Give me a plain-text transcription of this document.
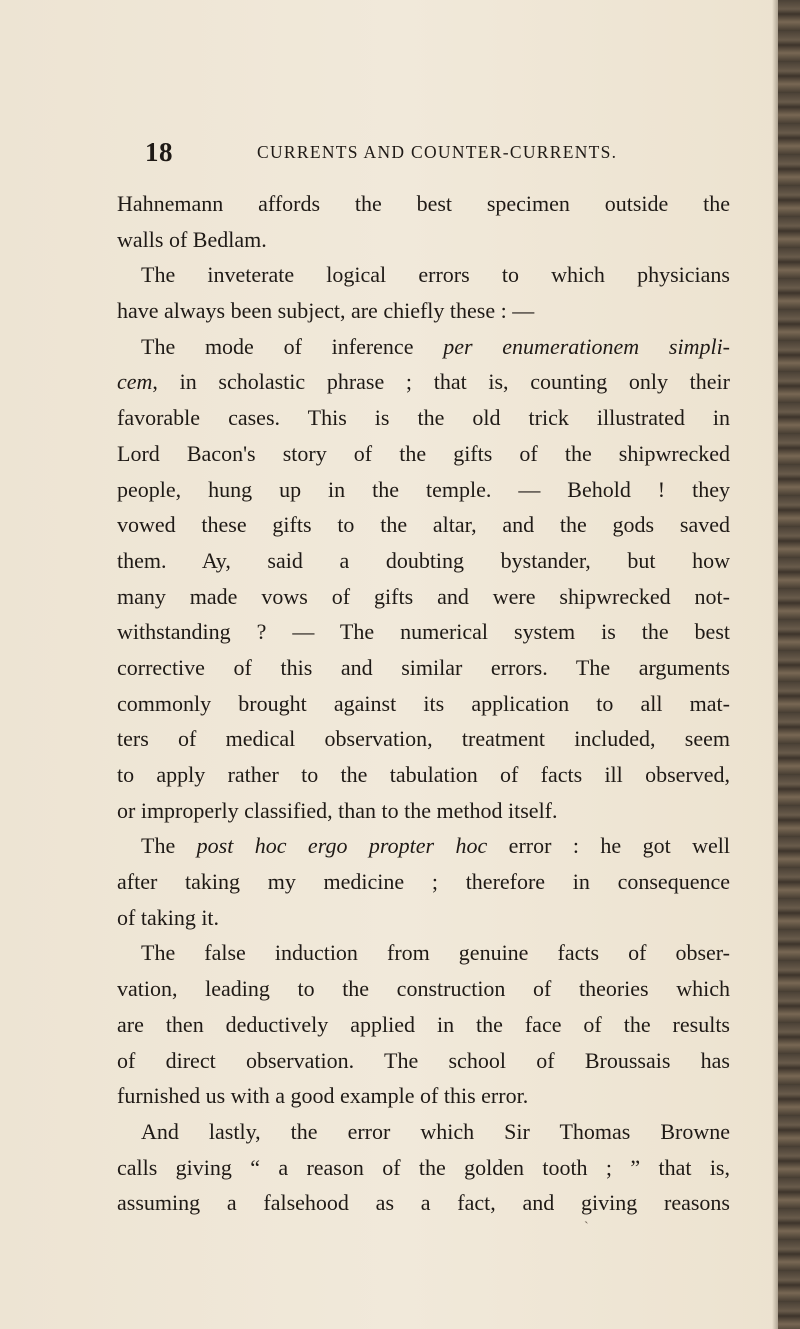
18	CURRENTS AND COUNTER-CURRENTS.
Hahnemann affords the best specimen outside the
walls of Bedlam.
The inveterate logical errors to which physicians
have always been subject, are chiefly these : —
The mode of inference per enumerationem simpli-
cem, in scholastic phrase ; that is, counting only their
favorable cases. This is the old trick illustrated in
Lord Bacon's story of the gifts of the shipwrecked
people, hung up in the temple. — Behold ! they
vowed these gifts to the altar, and the gods saved
them. Ay, said a doubting bystander, but how
many made vows of gifts and were shipwrecked not-
withstanding ? — The numerical system is the best
corrective of this and similar errors. The arguments
commonly brought against its application to all mat-
ters of medical observation, treatment included, seem
to apply rather to the tabulation of facts ill observed,
or improperly classified, than to the method itself.
The post hoc ergo propter hoc error : he got well
after taking my medicine ; therefore in consequence
of taking it.
The false induction from genuine facts of obser-
vation, leading to the construction of theories which
are then deductively applied in the face of the results
of direct observation. The school of Broussais has
furnished us with a good example of this error.
And lastly, the error which Sir Thomas Browne
calls giving “ a reason of the golden tooth ; ” that is,
assuming a falsehood as a fact, and giving reasons
ˋ
